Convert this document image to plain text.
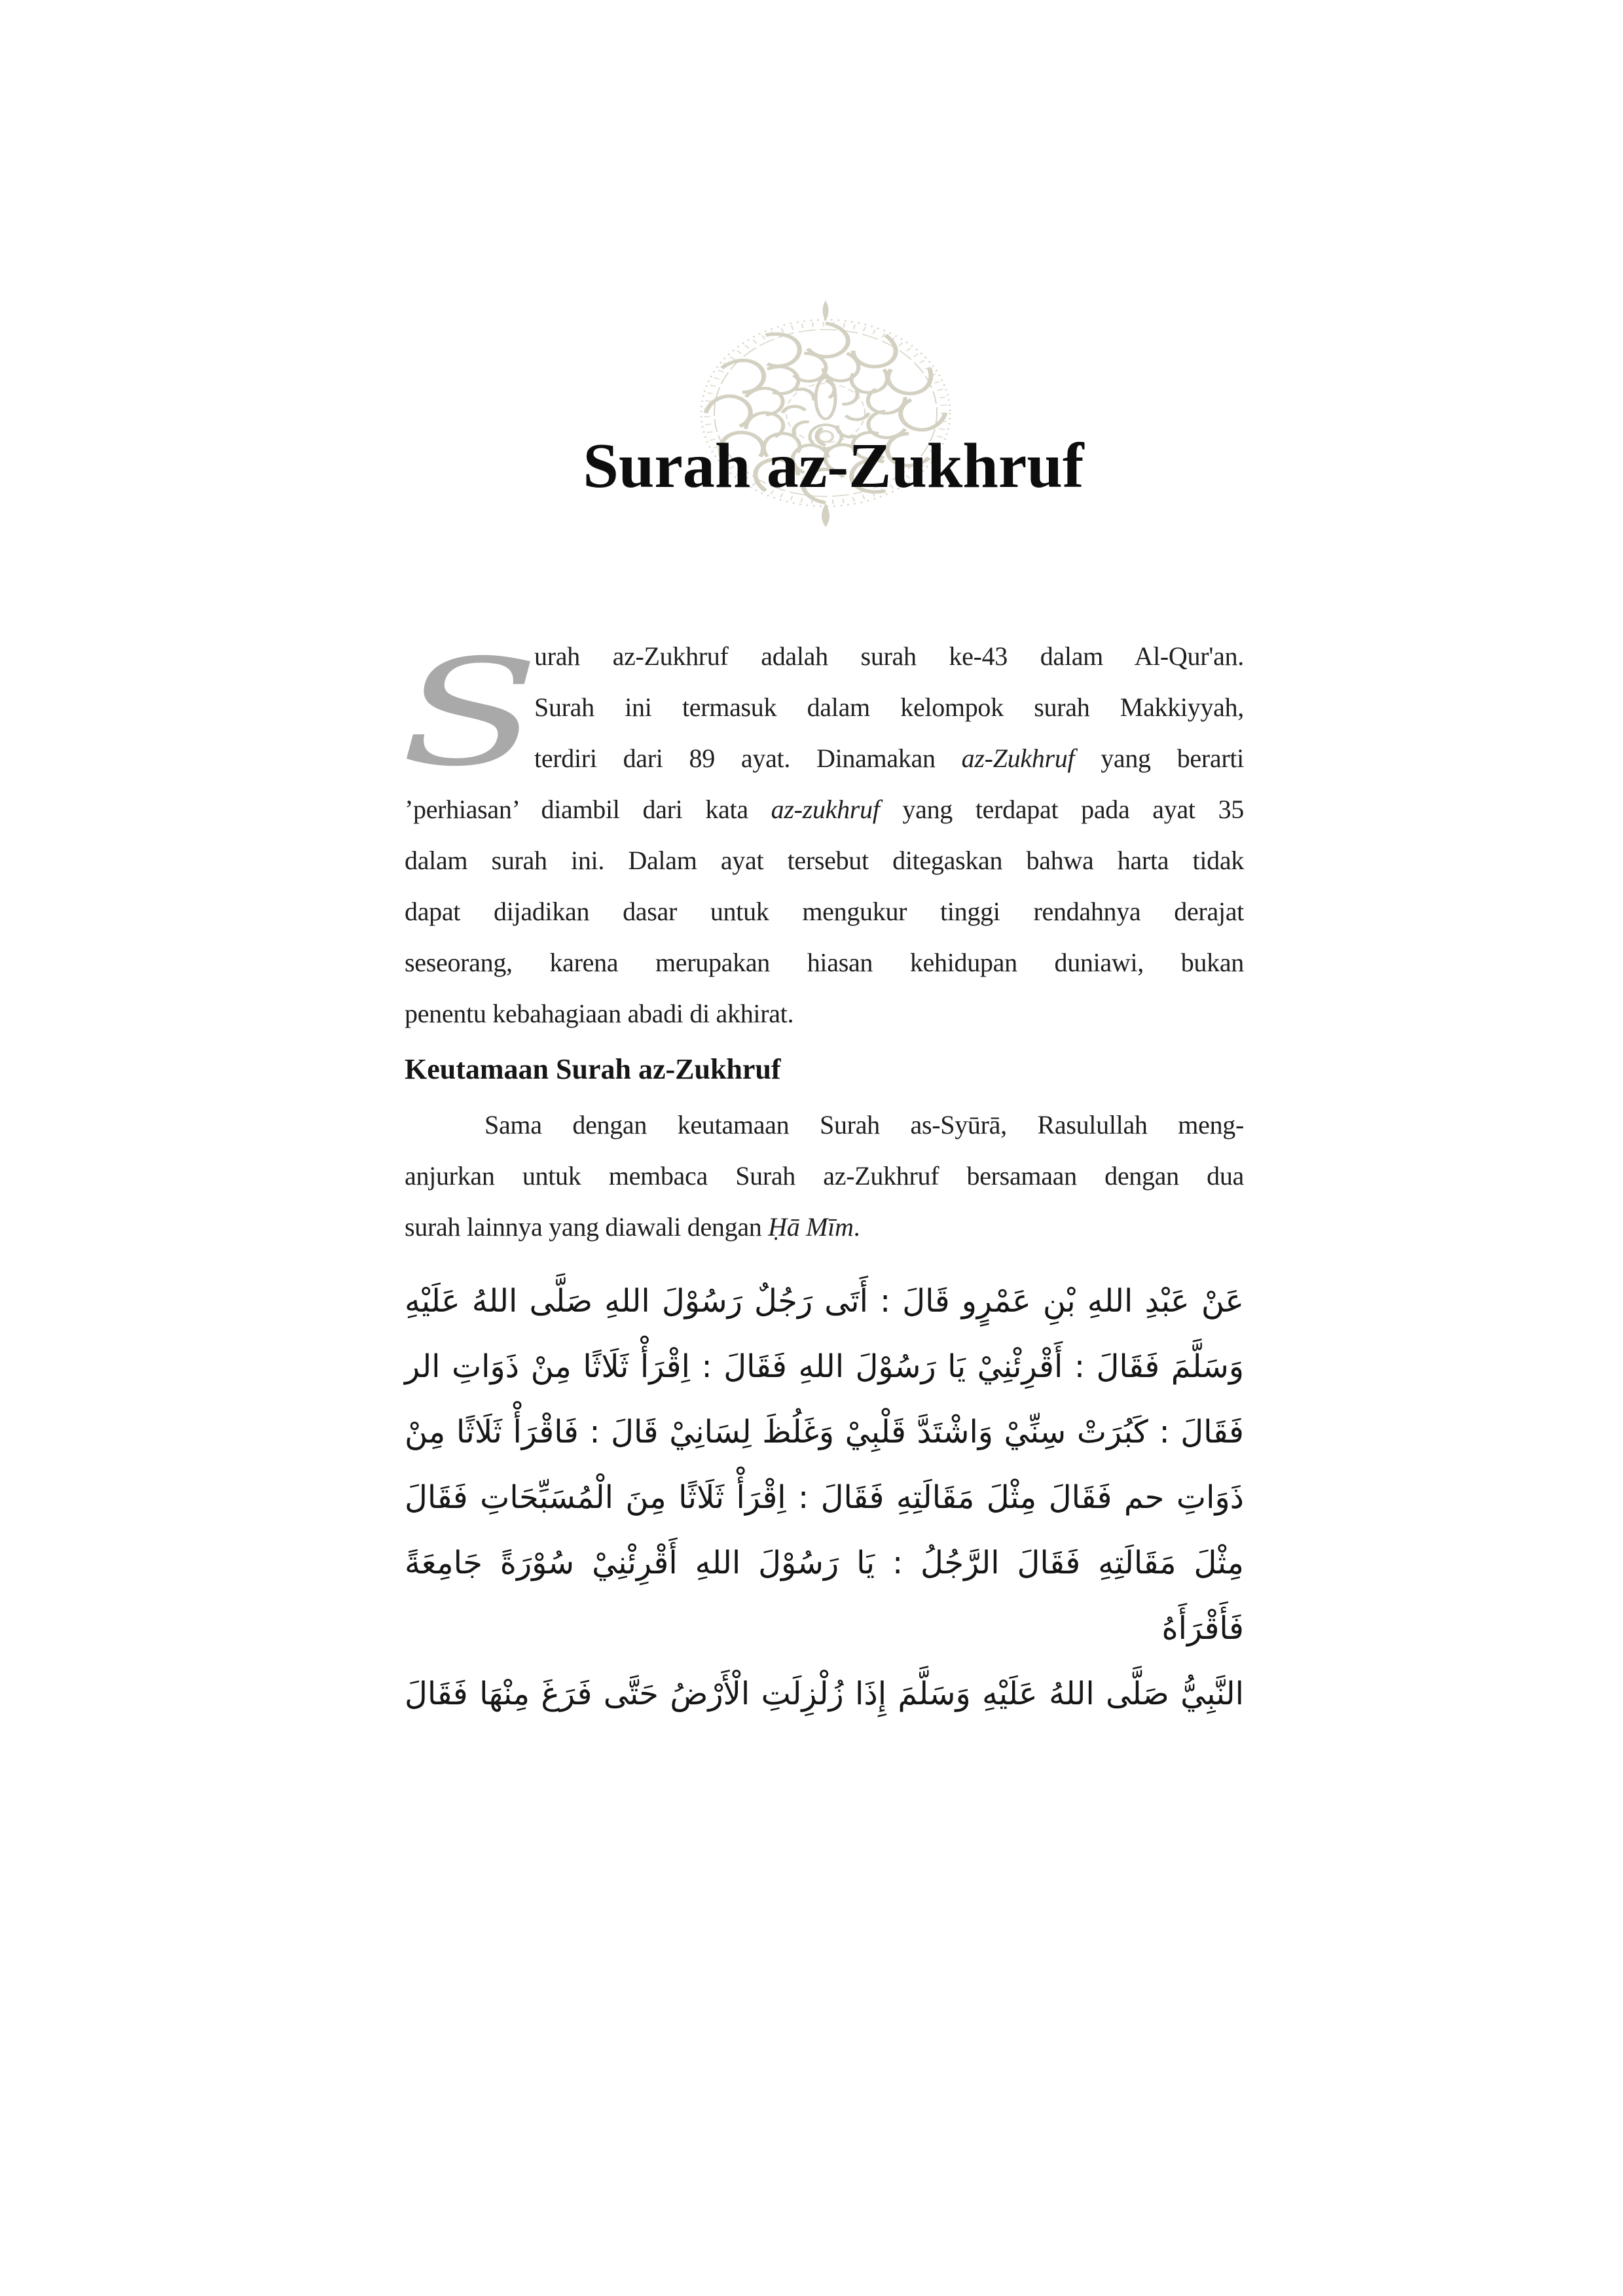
Surah az-Zukhruf
S
urah az-Zukhruf adalah surah ke-43 dalam Al-Qur'an.
Surah ini termasuk dalam kelompok surah Makkiyyah,
terdiri dari 89 ayat. Dinamakan az-Zukhruf yang berarti
’perhiasan’ diambil dari kata az-zukhruf yang terdapat pada ayat 35
dalam surah ini. Dalam ayat tersebut ditegaskan bahwa harta tidak
dapat dijadikan dasar untuk mengukur tinggi rendahnya derajat
seseorang, karena merupakan hiasan kehidupan duniawi, bukan
penentu kebahagiaan abadi di akhirat.
Keutamaan Surah az-Zukhruf
Sama dengan keutamaan Surah as-Syūrā, Rasulullah meng-
anjurkan untuk membaca Surah az-Zukhruf bersamaan dengan dua
surah lainnya yang diawali dengan Ḥā Mīm.
عَنْ عَبْدِ اللهِ بْنِ عَمْرٍو قَالَ : أَتَى رَجُلٌ رَسُوْلَ اللهِ صَلَّى اللهُ عَلَيْهِ
وَسَلَّمَ فَقَالَ : أَقْرِئْنِيْ يَا رَسُوْلَ اللهِ فَقَالَ : اِقْرَأْ ثَلَاثًا مِنْ ذَوَاتِ الر
فَقَالَ : كَبُرَتْ سِنِّيْ وَاشْتَدَّ قَلْبِيْ وَغَلُظَ لِسَانِيْ قَالَ : فَاقْرَأْ ثَلَاثًا مِنْ
ذَوَاتِ حم فَقَالَ مِثْلَ مَقَالَتِهِ فَقَالَ : اِقْرَأْ ثَلَاثًا مِنَ الْمُسَبِّحَاتِ فَقَالَ
مِثْلَ مَقَالَتِهِ فَقَالَ الرَّجُلُ : يَا رَسُوْلَ اللهِ أَقْرِئْنِيْ سُوْرَةً جَامِعَةً فَأَقْرَأَهُ
النَّبِيُّ صَلَّى اللهُ عَلَيْهِ وَسَلَّمَ إِذَا زُلْزِلَتِ الْأَرْضُ حَتَّى فَرَغَ مِنْهَا فَقَالَ
